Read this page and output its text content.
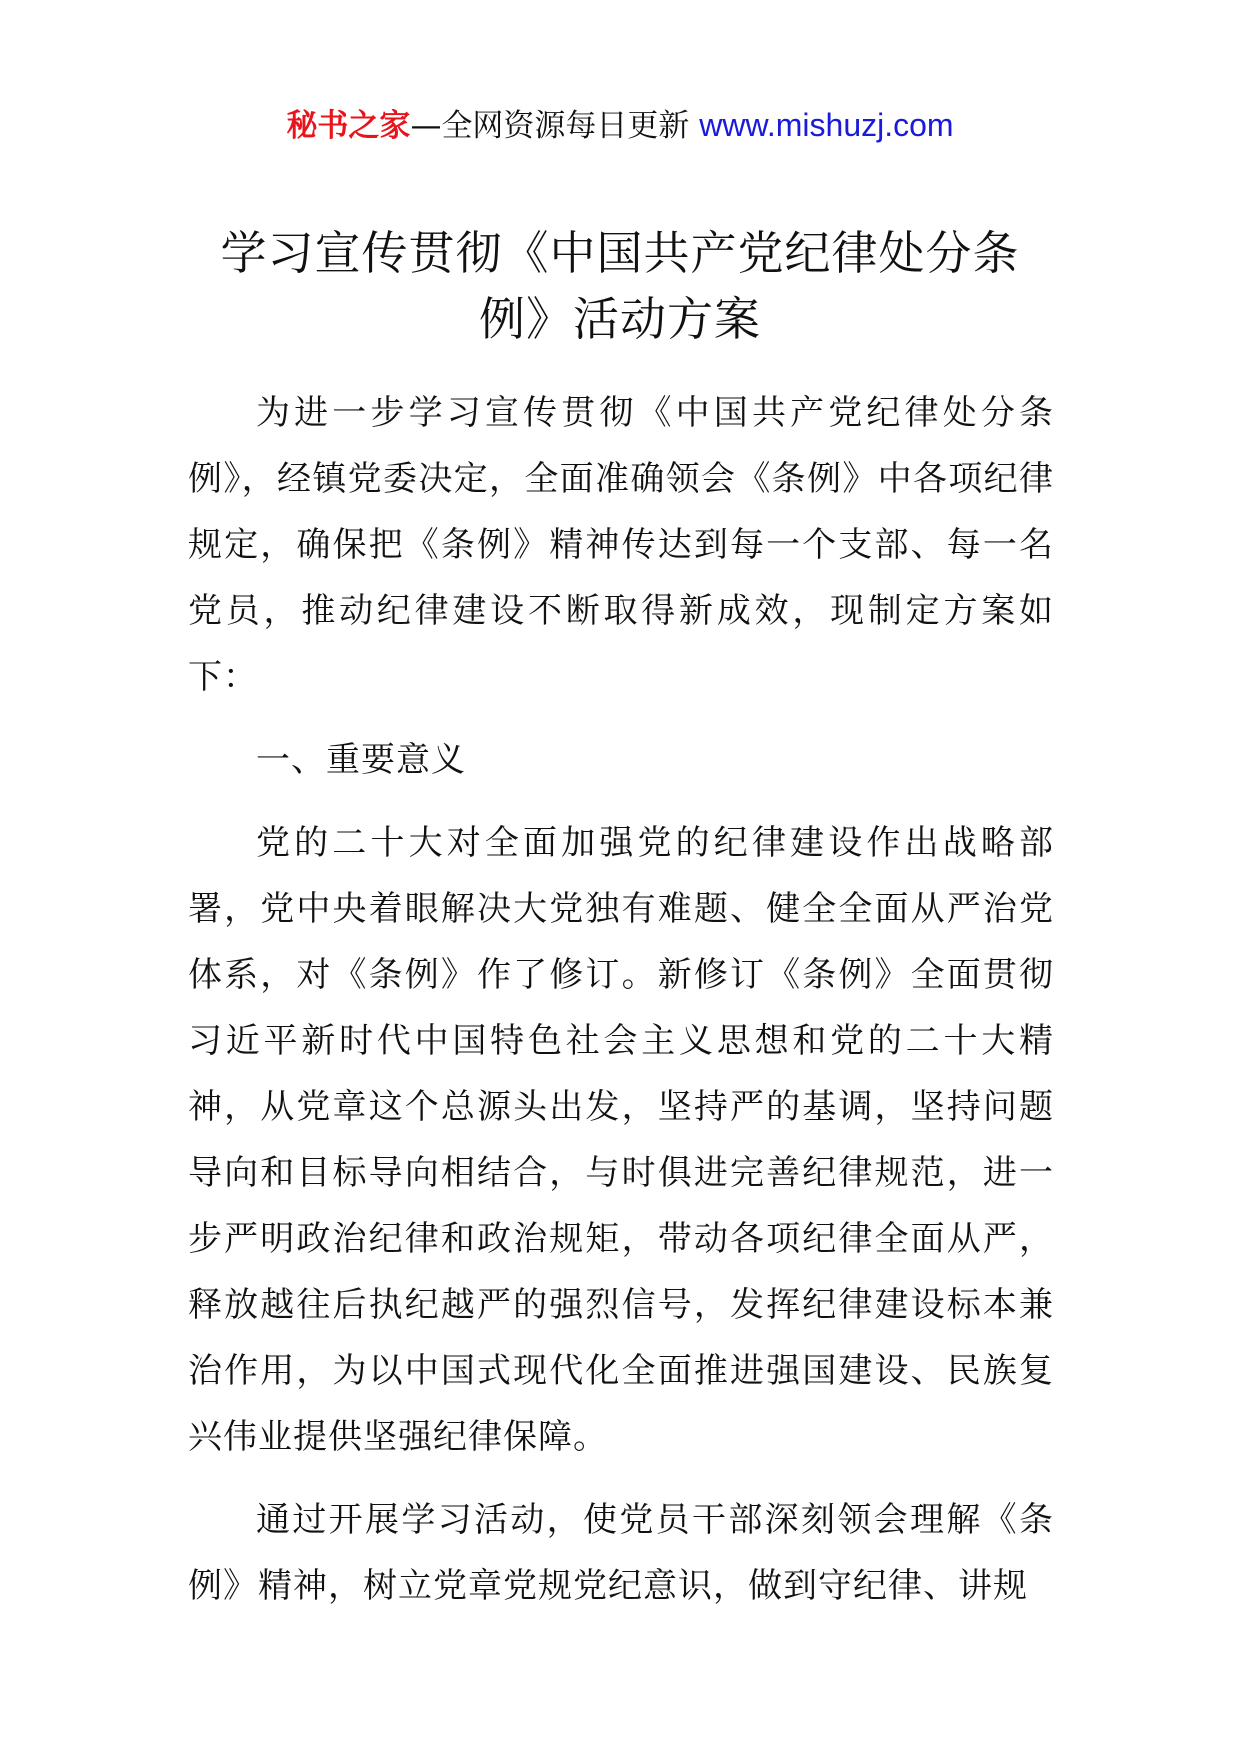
秘书之家—全网资源每日更新 www.mishuzj.com
学习宣传贯彻《中国共产党纪律处分条例》活动方案

为进一步学习宣传贯彻《中国共产党纪律处分条例》，经镇党委决定，全面准确领会《条例》中各项纪律规定，确保把《条例》精神传达到每一个支部、每一名党员，推动纪律建设不断取得新成效，现制定方案如下：

一、重要意义

党的二十大对全面加强党的纪律建设作出战略部署，党中央着眼解决大党独有难题、健全全面从严治党体系，对《条例》作了修订。新修订《条例》全面贯彻习近平新时代中国特色社会主义思想和党的二十大精神，从党章这个总源头出发，坚持严的基调，坚持问题导向和目标导向相结合，与时俱进完善纪律规范，进一步严明政治纪律和政治规矩，带动各项纪律全面从严，释放越往后执纪越严的强烈信号，发挥纪律建设标本兼治作用，为以中国式现代化全面推进强国建设、民族复兴伟业提供坚强纪律保障。

通过开展学习活动，使党员干部深刻领会理解《条例》精神，树立党章党规党纪意识，做到守纪律、讲规
